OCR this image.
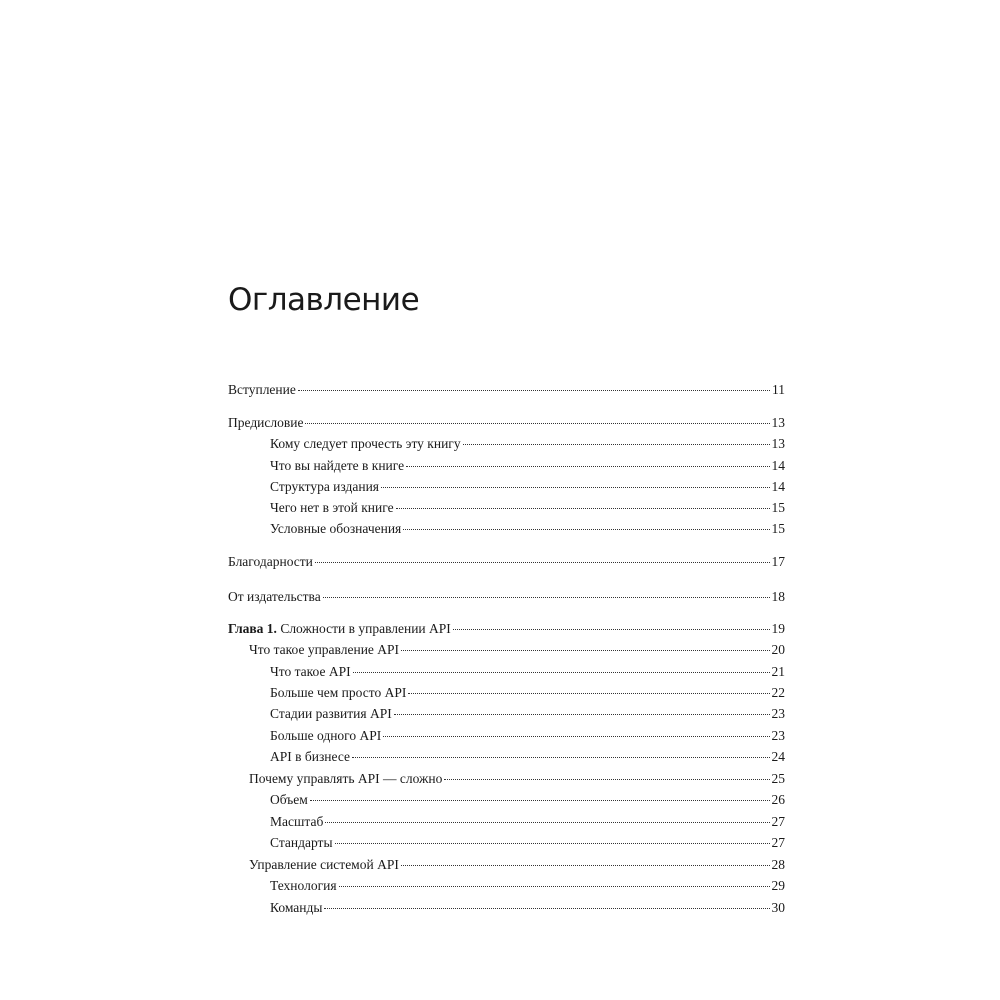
Оглавление
Вступление	11
Предисловие	13
Кому следует прочесть эту книгу	13
Что вы найдете в книге	14
Структура издания	14
Чего нет в этой книге	15
Условные обозначения	15
Благодарности	17
От издательства	18
Глава 1. Сложности в управлении API	19
Что такое управление API	20
Что такое API	21
Больше чем просто API	22
Стадии развития API	23
Больше одного API	23
API в бизнесе	24
Почему управлять API — сложно	25
Объем	26
Масштаб	27
Стандарты	27
Управление системой API	28
Технология	29
Команды	30
